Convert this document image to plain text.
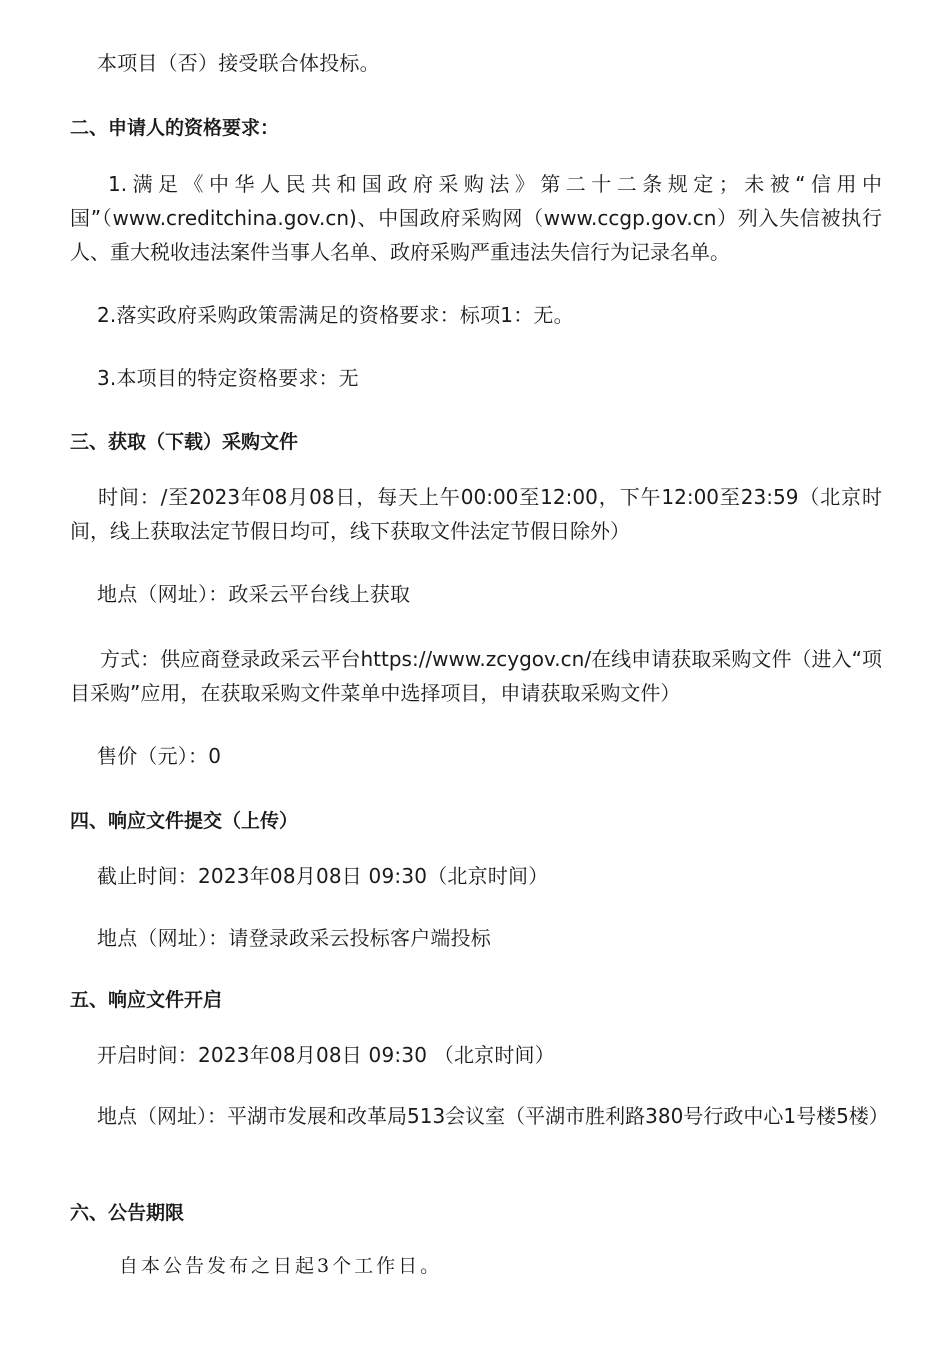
本项目（否）接受联合体投标。

二、申请人的资格要求：

1.满足《中华人民共和国政府采购法》第二十二条规定；未被“信用中国”（www.creditchina.gov.cn)、中国政府采购网（www.ccgp.gov.cn）列入失信被执行人、重大税收违法案件当事人名单、政府采购严重违法失信行为记录名单。

2.落实政府采购政策需满足的资格要求：标项1：无。

3.本项目的特定资格要求：无

三、获取（下载）采购文件

时间：/至2023年08月08日，每天上午00:00至12:00，下午12:00至23:59（北京时间，线上获取法定节假日均可，线下获取文件法定节假日除外）

地点（网址）：政采云平台线上获取

方式：供应商登录政采云平台https://www.zcygov.cn/在线申请获取采购文件（进入“项目采购”应用，在获取采购文件菜单中选择项目，申请获取采购文件）

售价（元）：0

四、响应文件提交（上传）

截止时间：2023年08月08日 09:30（北京时间）

地点（网址）：请登录政采云投标客户端投标

五、响应文件开启

开启时间：2023年08月08日 09:30 （北京时间）

地点（网址）：平湖市发展和改革局513会议室（平湖市胜利路380号行政中心1号楼5楼）

六、公告期限

自本公告发布之日起3个工作日。
